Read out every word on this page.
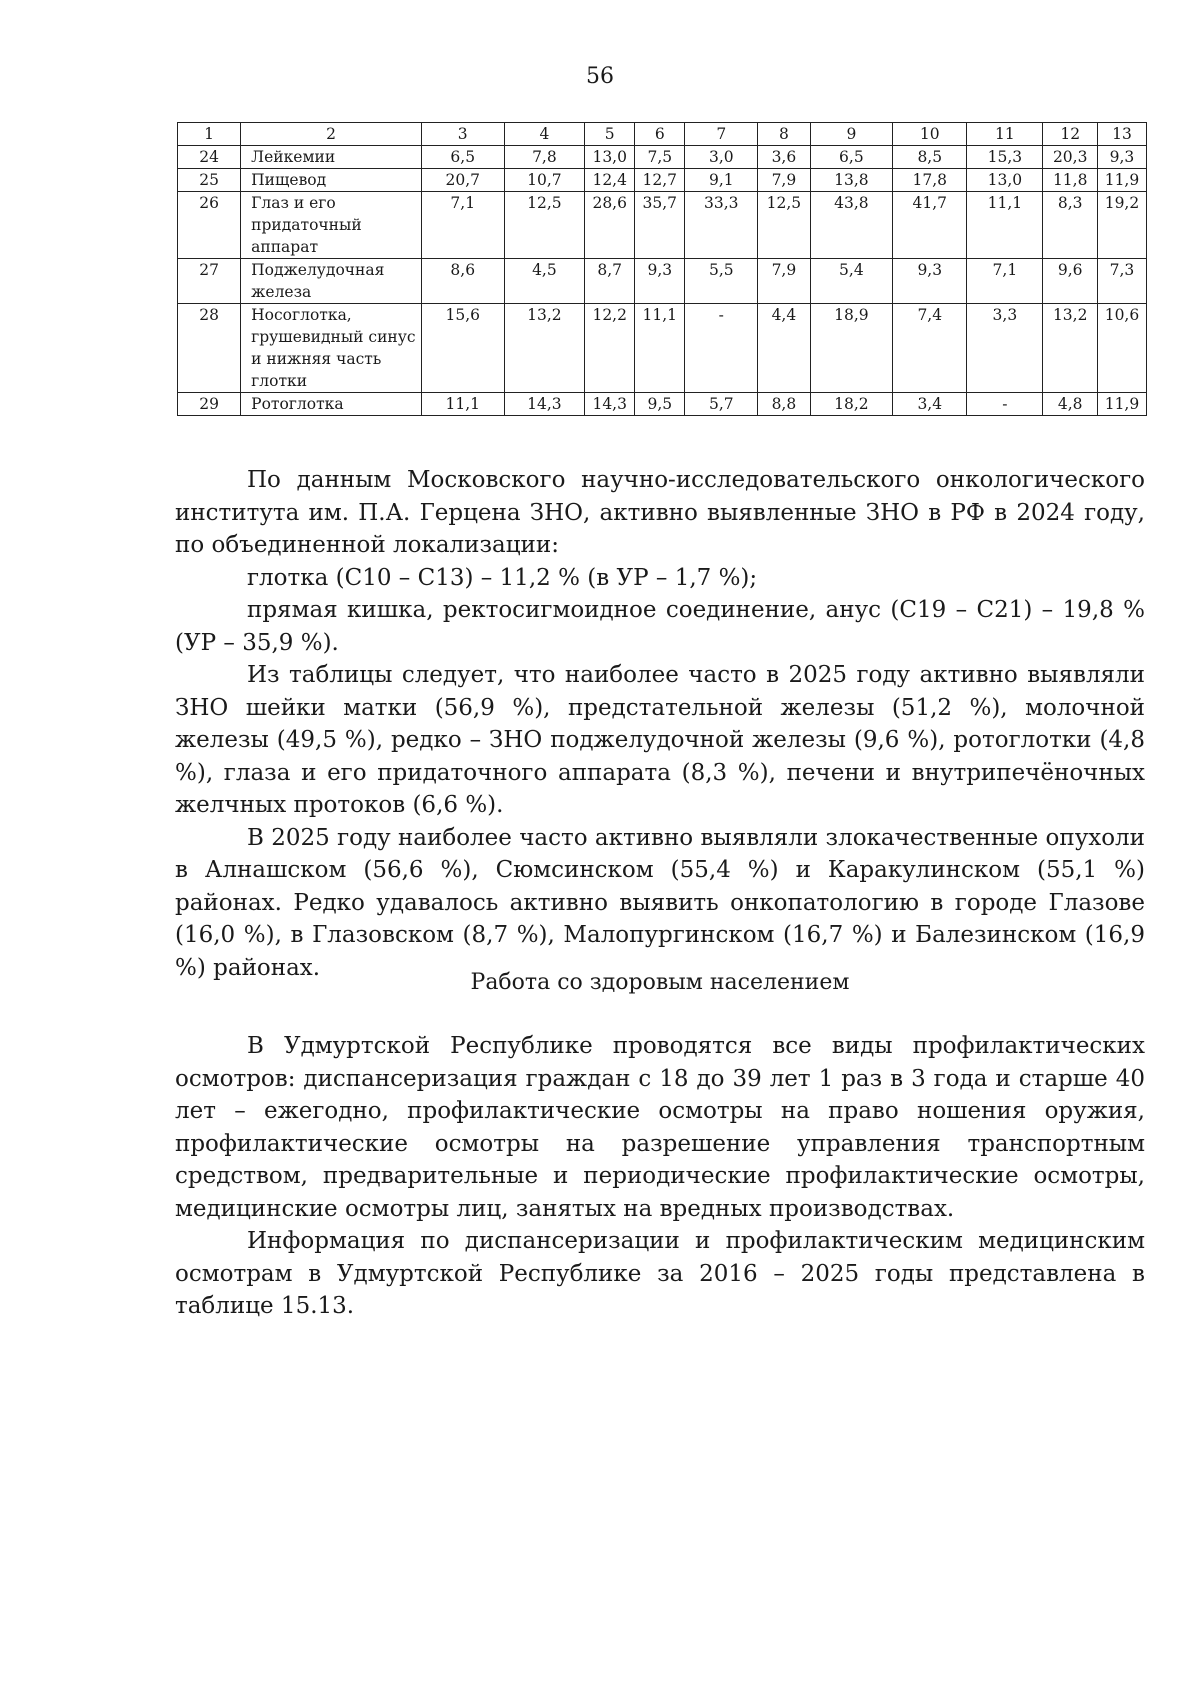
56
1	2	3	4	5	6	7	8	9	10	11	12	13
24	Лейкемии	6,5	7,8	13,0	7,5	3,0	3,6	6,5	8,5	15,3	20,3	9,3
25	Пищевод	20,7	10,7	12,4	12,7	9,1	7,9	13,8	17,8	13,0	11,8	11,9
26	Глаз и его придаточный аппарат	7,1	12,5	28,6	35,7	33,3	12,5	43,8	41,7	11,1	8,3	19,2
27	Поджелудочная железа	8,6	4,5	8,7	9,3	5,5	7,9	5,4	9,3	7,1	9,6	7,3
28	Носоглотка, грушевидный синус и нижняя часть глотки	15,6	13,2	12,2	11,1	-	4,4	18,9	7,4	3,3	13,2	10,6
29	Ротоглотка	11,1	14,3	14,3	9,5	5,7	8,8	18,2	3,4	-	4,8	11,9

По данным Московского научно-исследовательского онкологического института им. П.А. Герцена ЗНО, активно выявленные ЗНО в РФ в 2024 году, по объединенной локализации:

глотка (С10 – С13) – 11,2 % (в УР – 1,7 %);

прямая кишка, ректосигмоидное соединение, анус (С19 – С21) – 19,8 % (УР – 35,9 %).

Из таблицы следует, что наиболее часто в 2025 году активно выявляли ЗНО шейки матки (56,9 %), предстательной железы (51,2 %), молочной железы (49,5 %), редко – ЗНО поджелудочной железы (9,6 %), ротоглотки (4,8 %), глаза и его придаточного аппарата (8,3 %), печени и внутрипечёночных желчных протоков (6,6 %).

В 2025 году наиболее часто активно выявляли злокачественные опухоли в Алнашском (56,6 %), Сюмсинском (55,4 %) и Каракулинском (55,1 %) районах. Редко удавалось активно выявить онкопатологию в городе Глазове (16,0 %), в Глазовском (8,7 %), Малопургинском (16,7 %) и Балезинском (16,9 %) районах.

Работа со здоровым населением

В Удмуртской Республике проводятся все виды профилактических осмотров: диспансеризация граждан с 18 до 39 лет 1 раз в 3 года и старше 40 лет – ежегодно, профилактические осмотры на право ношения оружия, профилактические осмотры на разрешение управления транспортным средством, предварительные и периодические профилактические осмотры, медицинские осмотры лиц, занятых на вредных производствах.

Информация по диспансеризации и профилактическим медицинским осмотрам в Удмуртской Республике за 2016 – 2025 годы представлена в таблице 15.13.
